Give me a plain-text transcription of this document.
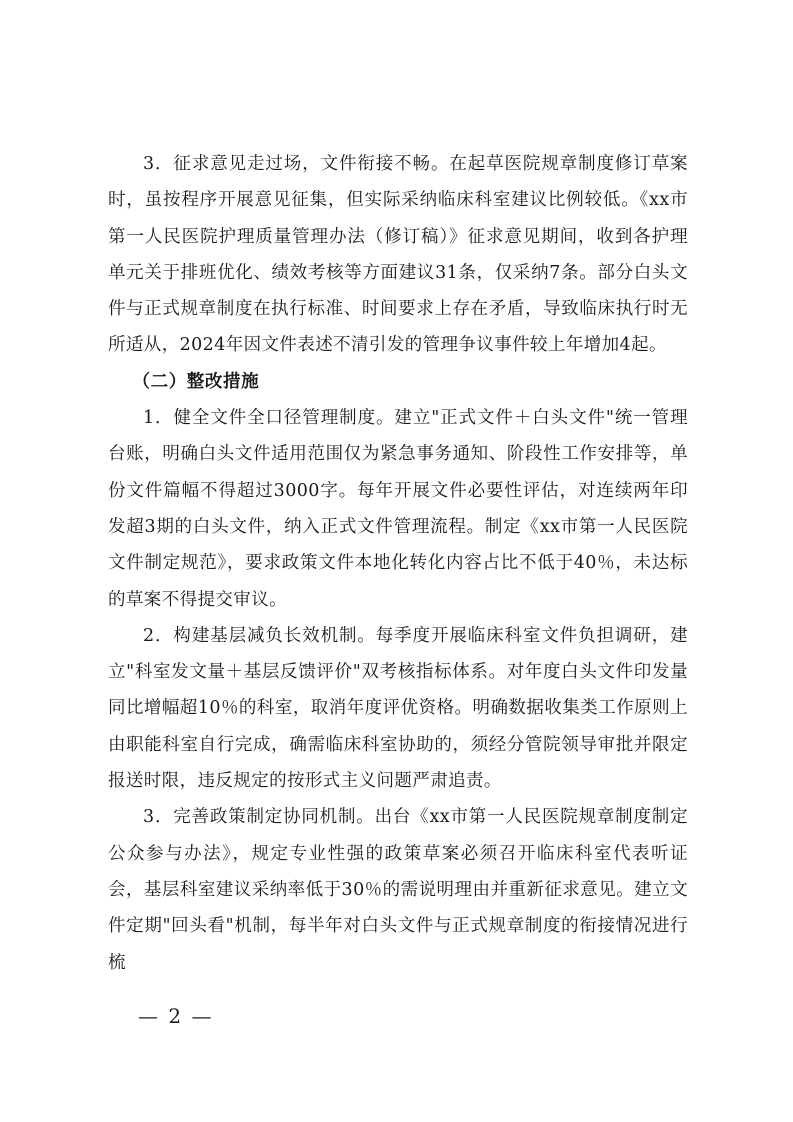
3．征求意见走过场，文件衔接不畅。在起草医院规章制度修订草案时，虽按程序开展意见征集，但实际采纳临床科室建议比例较低。《xx市第一人民医院护理质量管理办法（修订稿）》征求意见期间，收到各护理单元关于排班优化、绩效考核等方面建议31条，仅采纳7条。部分白头文件与正式规章制度在执行标准、时间要求上存在矛盾，导致临床执行时无所适从，2024年因文件表述不清引发的管理争议事件较上年增加4起。

（二）整改措施

1．健全文件全口径管理制度。建立"正式文件＋白头文件"统一管理台账，明确白头文件适用范围仅为紧急事务通知、阶段性工作安排等，单份文件篇幅不得超过3000字。每年开展文件必要性评估，对连续两年印发超3期的白头文件，纳入正式文件管理流程。制定《xx市第一人民医院文件制定规范》，要求政策文件本地化转化内容占比不低于40％，未达标的草案不得提交审议。

2．构建基层减负长效机制。每季度开展临床科室文件负担调研，建立"科室发文量＋基层反馈评价"双考核指标体系。对年度白头文件印发量同比增幅超10％的科室，取消年度评优资格。明确数据收集类工作原则上由职能科室自行完成，确需临床科室协助的，须经分管院领导审批并限定报送时限，违反规定的按形式主义问题严肃追责。

3．完善政策制定协同机制。出台《xx市第一人民医院规章制度制定公众参与办法》，规定专业性强的政策草案必须召开临床科室代表听证会，基层科室建议采纳率低于30％的需说明理由并重新征求意见。建立文件定期"回头看"机制，每半年对白头文件与正式规章制度的衔接情况进行梳

— 2 —
